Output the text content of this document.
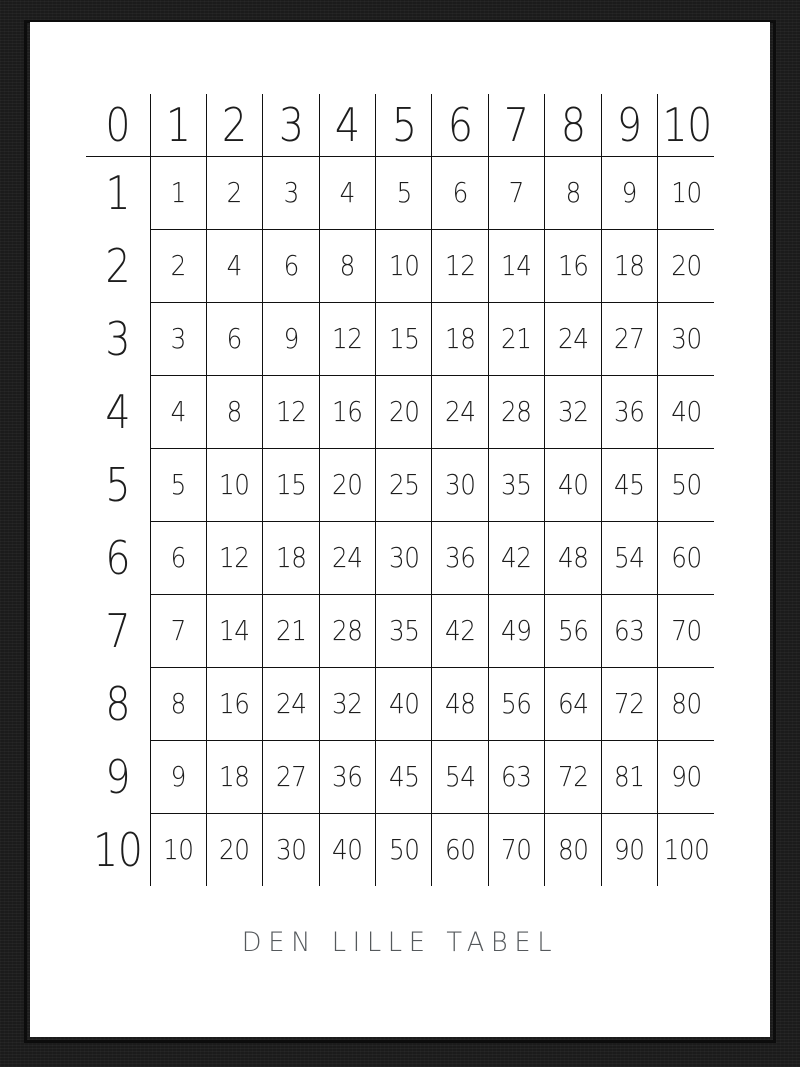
0	1	2	3	4	5	6	7	8	9	10
1	1	2	3	4	5	6	7	8	9	10
2	2	4	6	8	10	12	14	16	18	20
3	3	6	9	12	15	18	21	24	27	30
4	4	8	12	16	20	24	28	32	36	40
5	5	10	15	20	25	30	35	40	45	50
6	6	12	18	24	30	36	42	48	54	60
7	7	14	21	28	35	42	49	56	63	70
8	8	16	24	32	40	48	56	64	72	80
9	9	18	27	36	45	54	63	72	81	90
10	10	20	30	40	50	60	70	80	90	100
DEN LILLE TABEL
